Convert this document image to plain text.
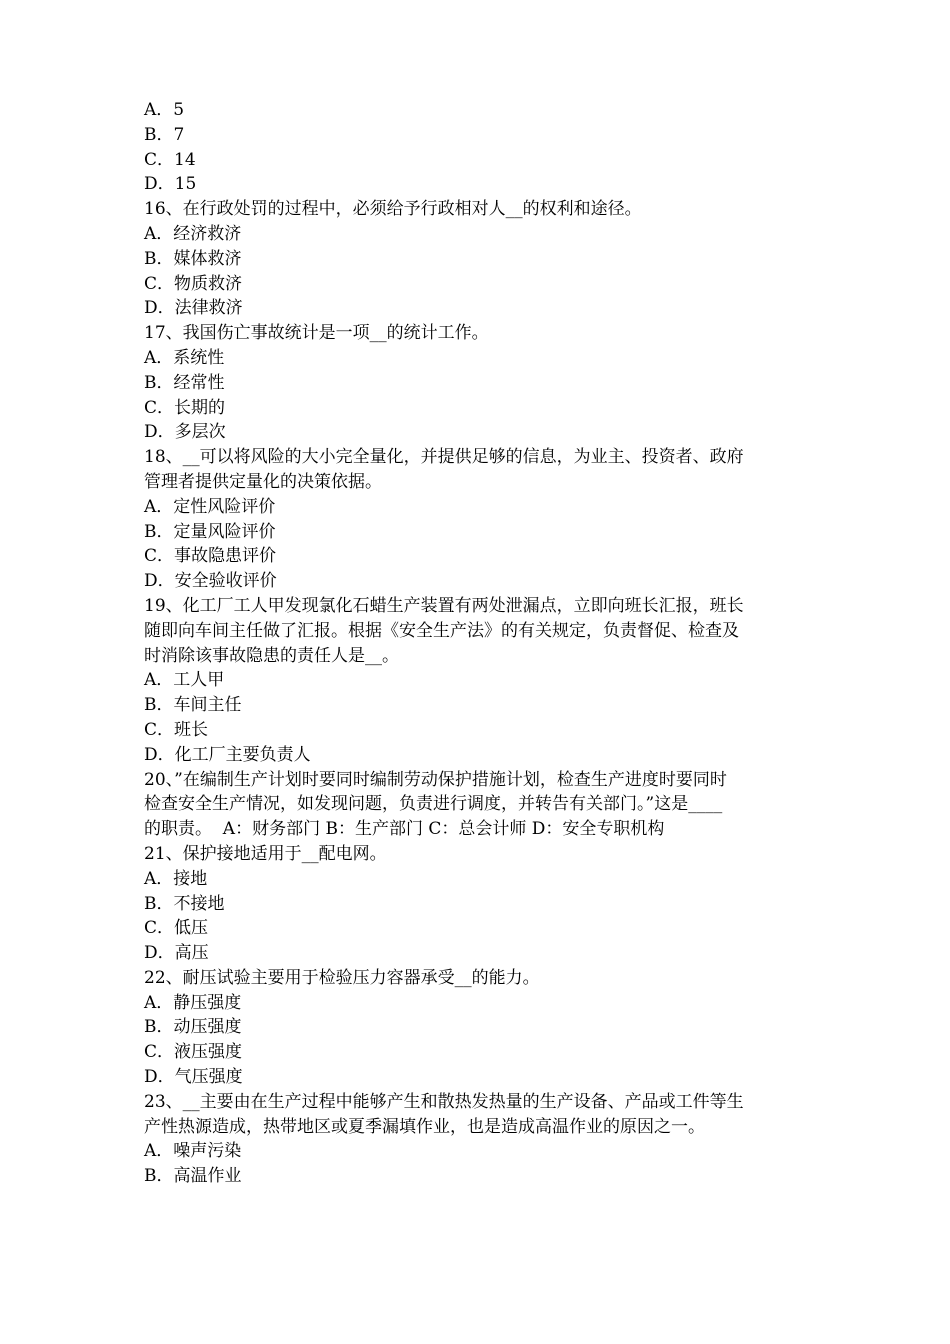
A．5
B．7
C．14
D．15
16、在行政处罚的过程中，必须给予行政相对人__的权利和途径。
A．经济救济
B．媒体救济
C．物质救济
D．法律救济
17、我国伤亡事故统计是一项__的统计工作。
A．系统性
B．经常性
C．长期的
D．多层次
18、__可以将风险的大小完全量化，并提供足够的信息，为业主、投资者、政府
管理者提供定量化的决策依据。
A．定性风险评价
B．定量风险评价
C．事故隐患评价
D．安全验收评价
19、化工厂工人甲发现氯化石蜡生产装置有两处泄漏点，立即向班长汇报，班长
随即向车间主任做了汇报。根据《安全生产法》的有关规定，负责督促、检查及
时消除该事故隐患的责任人是__。
A．工人甲
B．车间主任
C．班长
D．化工厂主要负责人
20、”在编制生产计划时要同时编制劳动保护措施计划，检查生产进度时要同时
检查安全生产情况，如发现问题，负责进行调度，并转告有关部门。”这是____
的职责。  A：财务部门 B：生产部门 C：总会计师 D：安全专职机构
21、保护接地适用于__配电网。
A．接地
B．不接地
C．低压
D．高压
22、耐压试验主要用于检验压力容器承受__的能力。
A．静压强度
B．动压强度
C．液压强度
D．气压强度
23、__主要由在生产过程中能够产生和散热发热量的生产设备、产品或工件等生
产性热源造成，热带地区或夏季漏填作业，也是造成高温作业的原因之一。
A．噪声污染
B．高温作业
